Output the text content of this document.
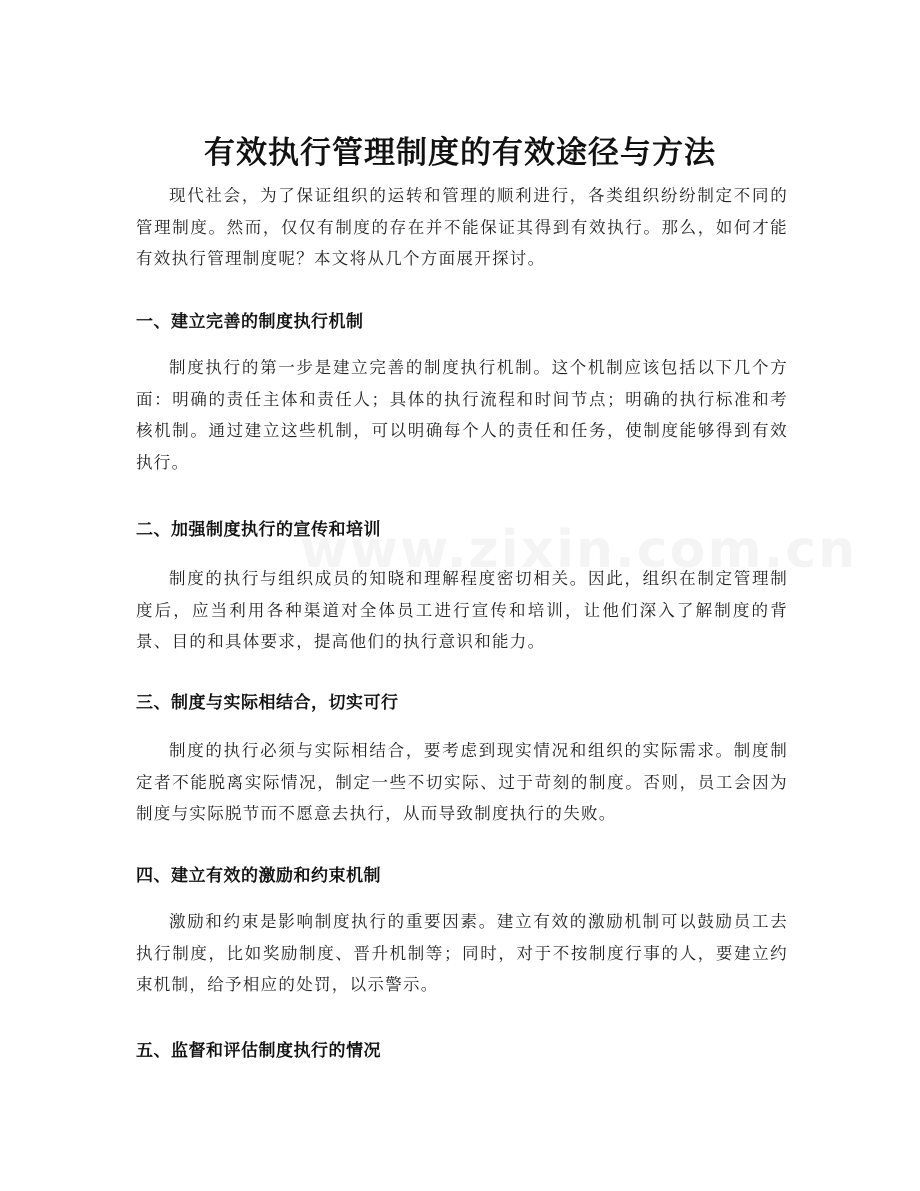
有效执行管理制度的有效途径与方法

现代社会，为了保证组织的运转和管理的顺利进行，各类组织纷纷制定不同的管理制度。然而，仅仅有制度的存在并不能保证其得到有效执行。那么，如何才能有效执行管理制度呢？本文将从几个方面展开探讨。

一、建立完善的制度执行机制

制度执行的第一步是建立完善的制度执行机制。这个机制应该包括以下几个方面：明确的责任主体和责任人；具体的执行流程和时间节点；明确的执行标准和考核机制。通过建立这些机制，可以明确每个人的责任和任务，使制度能够得到有效执行。

二、加强制度执行的宣传和培训

制度的执行与组织成员的知晓和理解程度密切相关。因此，组织在制定管理制度后，应当利用各种渠道对全体员工进行宣传和培训，让他们深入了解制度的背景、目的和具体要求，提高他们的执行意识和能力。

三、制度与实际相结合，切实可行

制度的执行必须与实际相结合，要考虑到现实情况和组织的实际需求。制度制定者不能脱离实际情况，制定一些不切实际、过于苛刻的制度。否则，员工会因为制度与实际脱节而不愿意去执行，从而导致制度执行的失败。

四、建立有效的激励和约束机制

激励和约束是影响制度执行的重要因素。建立有效的激励机制可以鼓励员工去执行制度，比如奖励制度、晋升机制等；同时，对于不按制度行事的人，要建立约束机制，给予相应的处罚，以示警示。

五、监督和评估制度执行的情况
